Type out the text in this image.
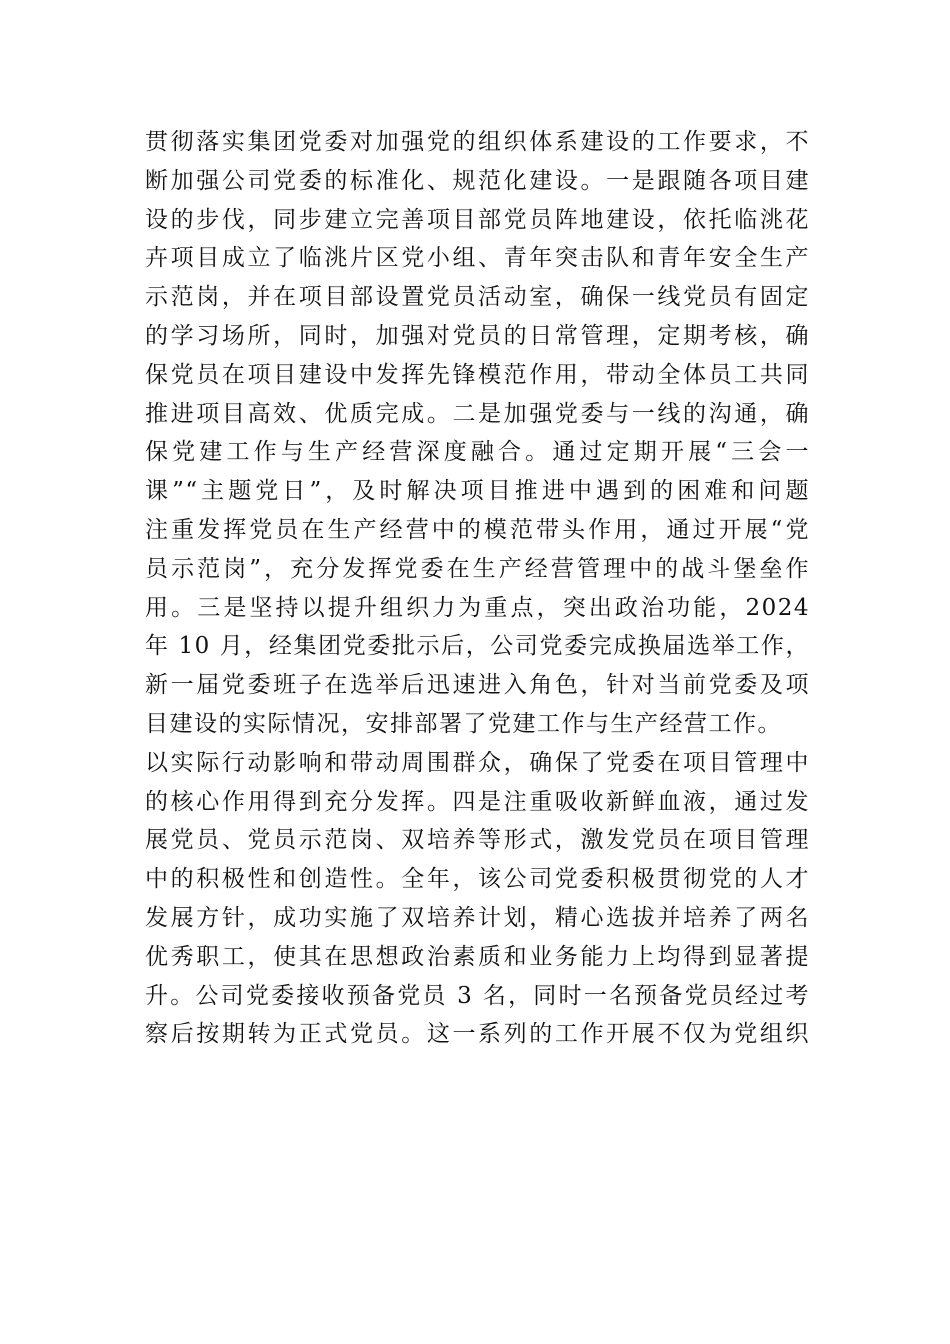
贯彻落实集团党委对加强党的组织体系建设的工作要求，不
断加强公司党委的标准化、规范化建设。一是跟随各项目建
设的步伐，同步建立完善项目部党员阵地建设，依托临洮花
卉项目成立了临洮片区党小组、青年突击队和青年安全生产
示范岗，并在项目部设置党员活动室，确保一线党员有固定
的学习场所，同时，加强对党员的日常管理，定期考核，确
保党员在项目建设中发挥先锋模范作用，带动全体员工共同
推进项目高效、优质完成。二是加强党委与一线的沟通，确
保党建工作与生产经营深度融合。通过定期开展“三会一
课”“主题党日”，及时解决项目推进中遇到的困难和问题
注重发挥党员在生产经营中的模范带头作用，通过开展“党
员示范岗”，充分发挥党委在生产经营管理中的战斗堡垒作
用。三是坚持以提升组织力为重点，突出政治功能，2024
年 10 月，经集团党委批示后，公司党委完成换届选举工作，
新一届党委班子在选举后迅速进入角色，针对当前党委及项
目建设的实际情况，安排部署了党建工作与生产经营工作。
以实际行动影响和带动周围群众，确保了党委在项目管理中
的核心作用得到充分发挥。四是注重吸收新鲜血液，通过发
展党员、党员示范岗、双培养等形式，激发党员在项目管理
中的积极性和创造性。全年，该公司党委积极贯彻党的人才
发展方针，成功实施了双培养计划，精心选拔并培养了两名
优秀职工，使其在思想政治素质和业务能力上均得到显著提
升。公司党委接收预备党员 3 名，同时一名预备党员经过考
察后按期转为正式党员。这一系列的工作开展不仅为党组织
